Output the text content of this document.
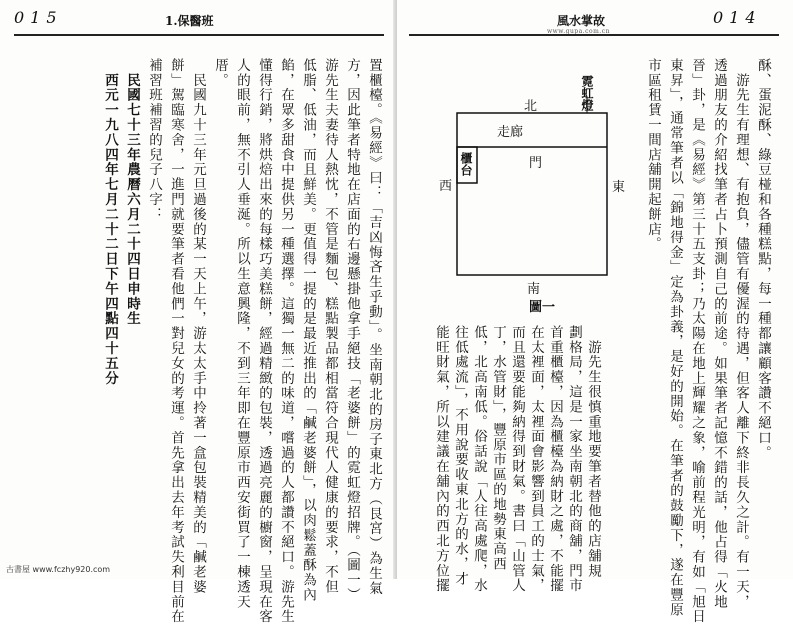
015	1.保醫班
置櫃檯。《易經》曰：「吉凶悔吝生乎動」。坐南朝北的房子東北方（艮宮）為生氣
方，因此筆者特地在店面的右邊懸掛他拿手絕技「老婆餅」的霓虹燈招牌。（圖一）
游先生夫妻待人熱忱，不管是麵包、糕點製品都相當符合現代人健康的要求，不但
低脂、低油，而且鮮美。更值得一提的是最近推出的「鹹老婆餅」，以肉鬆蓋酥為內
餡，在眾多甜食中提供另一種選擇。這獨一無二的味道，嚐過的人都讚不絕口。游先生
懂得行銷，將烘焙出來的每樣巧美糕餅，經過精緻的包裝，透過亮麗的櫥窗，呈現在客
人的眼前，無不引人垂涎。所以生意興隆，不到三年即在豐原市西安街買了一棟透天
厝。
　民國九十三年元旦過後的某一天上午，游太太手中拎著一盒包裝精美的「鹹老婆
餅」駕臨寒舍，一進門就要筆者看他們一對兒女的考運。首先拿出去年考試失利目前在
補習班補習的兒子八字：
　民國七十三年農曆六月二十四日申時生
　西元一九八四年七月二十二日下午四點四十五分
古書屋 www.fczhy920.com
風水掌故
www.gupa.com.cn
014
酥、蛋泥酥、綠豆椪和各種糕點，每一種都讓顧客讚不絕口。
　游先生有理想、有抱負，儘管有優渥的待遇，但客人離下終非長久之計。有一天，
透過朋友的介紹找筆者占卜預測自己的前途。如果筆者記憶不錯的話，他占得「火地
晉」卦，是《易經》第三十五支卦；乃太陽在地上輝耀之象，喻前程光明，有如「旭日
東昇」，通常筆者以「錦地得金」定為卦義，是好的開始。在筆者的鼓勵下，遂在豐原
市區租賃一間店舖開起餅店。
　游先生很慎重地要筆者替他的店舖規
劃格局，這是一家坐南朝北的商舖，門市
首重櫃檯，因為櫃檯為納財之處，不能擺
在太裡面，太裡面會影響到員工的士氣，
而且還要能夠納得到財氣。書曰「山管人
丁，水管財」，豐原市區的地勢東高西
低，北高南低。俗話說「人往高處爬，水
往低處流」，不用說要收東北方的水，才
能旺財氣，所以建議在舖內的西北方位擺
北
走廊
門
櫃台
霓虹燈
西
南
圖一
東
